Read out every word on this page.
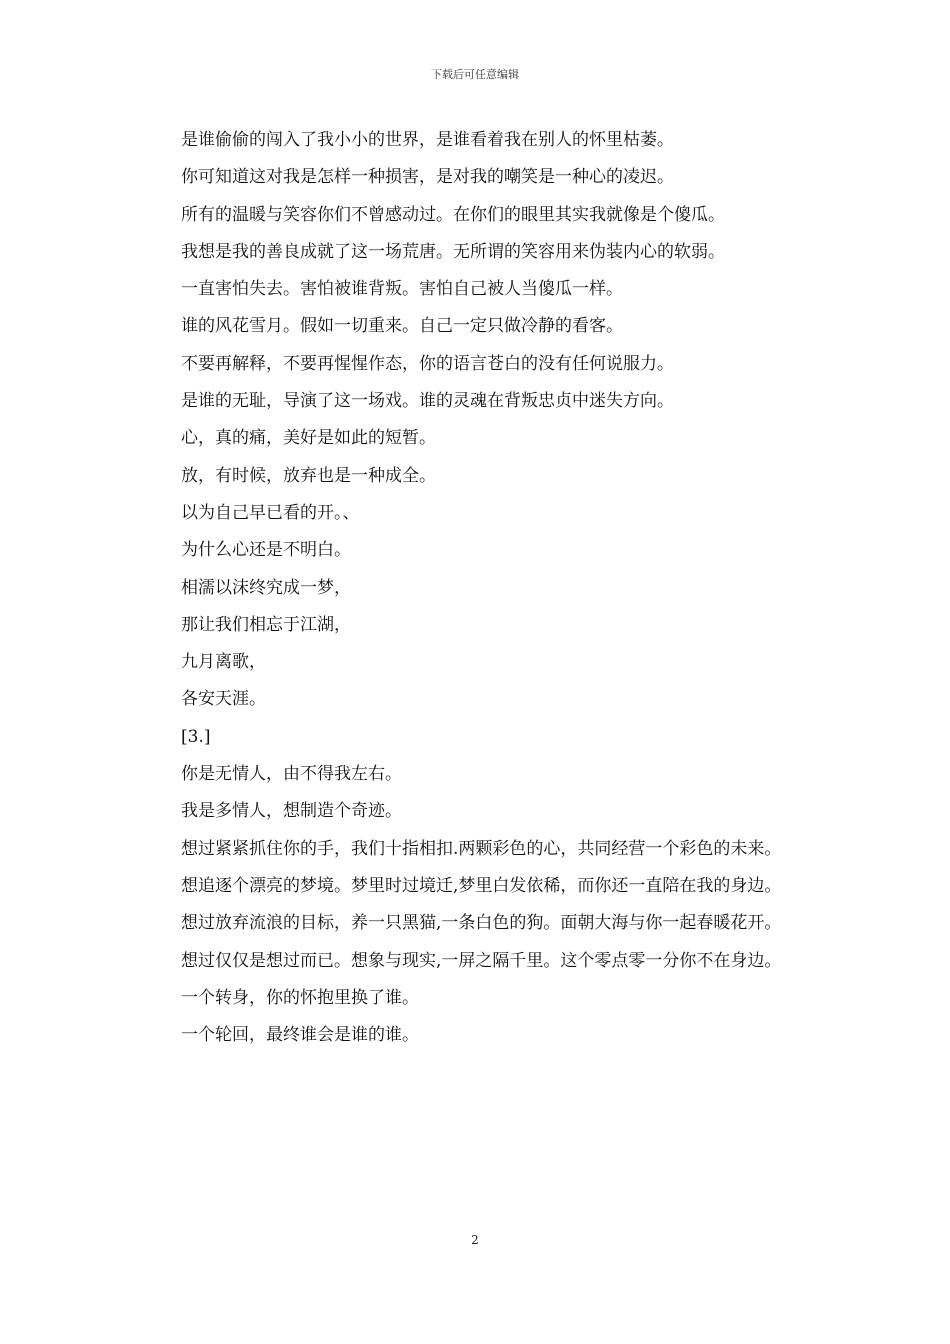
下载后可任意编辑

是谁偷偷的闯入了我小小的世界，是谁看着我在别人的怀里枯萎。

你可知道这对我是怎样一种损害，是对我的嘲笑是一种心的凌迟。

所有的温暖与笑容你们不曾感动过。在你们的眼里其实我就像是个傻瓜。

我想是我的善良成就了这一场荒唐。无所谓的笑容用来伪装内心的软弱。

一直害怕失去。害怕被谁背叛。害怕自己被人当傻瓜一样。

谁的风花雪月。假如一切重来。自己一定只做冷静的看客。

不要再解释，不要再惺惺作态，你的语言苍白的没有任何说服力。

是谁的无耻，导演了这一场戏。谁的灵魂在背叛忠贞中迷失方向。

心，真的痛，美好是如此的短暂。

放，有时候，放弃也是一种成全。

以为自己早已看的开。、

为什么心还是不明白。

相濡以沫终究成一梦，

那让我们相忘于江湖，

九月离歌，

各安天涯。

[3.]

你是无情人，由不得我左右。

我是多情人，想制造个奇迹。

想过紧紧抓住你的手，我们十指相扣.两颗彩色的心，共同经营一个彩色的未来。

想追逐个漂亮的梦境。梦里时过境迁,梦里白发依稀，而你还一直陪在我的身边。

想过放弃流浪的目标，养一只黑猫,一条白色的狗。面朝大海与你一起春暖花开。

想过仅仅是想过而已。想象与现实,一屏之隔千里。这个零点零一分你不在身边。

一个转身，你的怀抱里换了谁。

一个轮回，最终谁会是谁的谁。

2
